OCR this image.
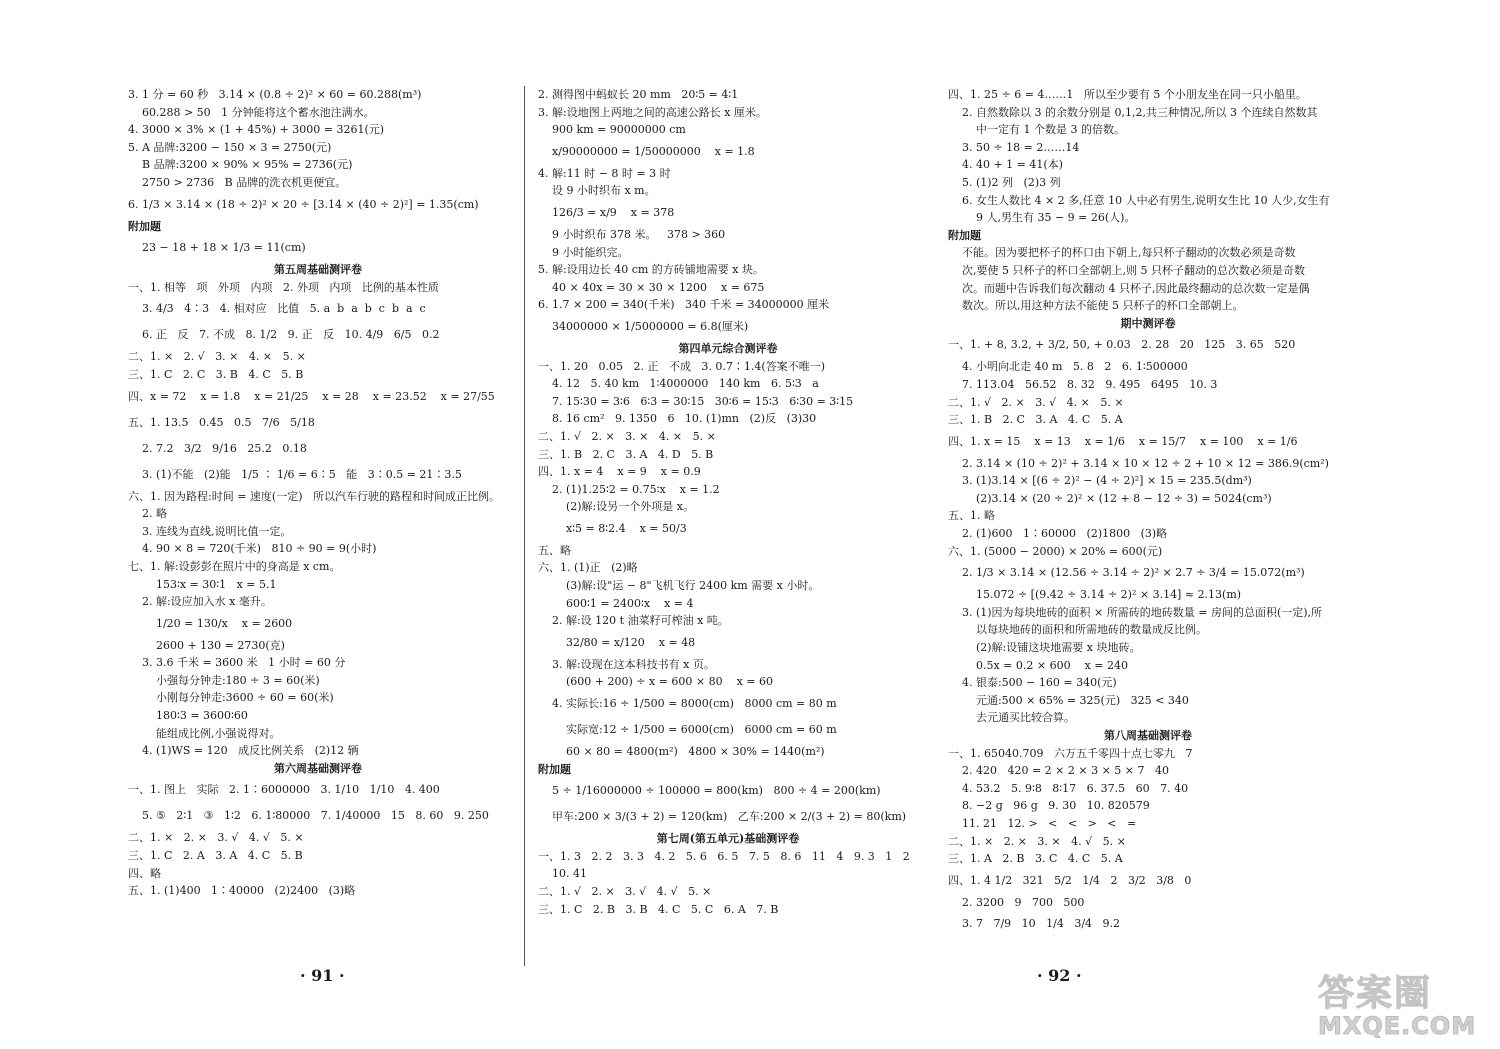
3. 1 分 = 60 秒   3.14 × (0.8 ÷ 2)² × 60 = 60.288(m³)
60.288 > 50   1 分钟能将这个蓄水池注满水。
4. 3000 × 3% × (1 + 45%) + 3000 = 3261(元)
5. A 品牌:3200 − 150 × 3 = 2750(元)
B 品牌:3200 × 90% × 95% = 2736(元)
2750 > 2736   B 品牌的洗衣机更便宜。
6. 1/3 × 3.14 × (18 ÷ 2)² × 20 ÷ [3.14 × (40 ÷ 2)²] = 1.35(cm)
附加题
23 − 18 + 18 × 1/3 = 11(cm)
第五周基础测评卷
一、1. 相等   项   外项   内项   2. 外项   内项   比例的基本性质
3. 4/3   4∶3   4. 相对应   比值   5. a  b  a  b  c  b  a  c
6. 正   反   7. 不成   8. 1/2   9. 正   反   10. 4/9   6/5   0.2
二、1. ×   2. √   3. ×   4. ×   5. ×
三、1. C   2. C   3. B   4. C   5. B
四、x = 72    x = 1.8    x = 21/25    x = 28    x = 23.52    x = 27/55
五、1. 13.5   0.45   0.5   7/6   5/18
2. 7.2   3/2   9/16   25.2   0.18
3. (1)不能   (2)能   1/5 ∶ 1/6 = 6∶5   能   3∶0.5 = 21∶3.5
六、1. 因为路程:时间 = 速度(一定)   所以汽车行驶的路程和时间成正比例。
2. 略
3. 连线为直线,说明比值一定。
4. 90 × 8 = 720(千米)   810 ÷ 90 = 9(小时)
七、1. 解:设彭彭在照片中的身高是 x cm。
153∶x = 30∶1   x = 5.1
2. 解:设应加入水 x 毫升。
1/20 = 130/x    x = 2600
2600 + 130 = 2730(克)
3. 3.6 千米 = 3600 米   1 小时 = 60 分
小强每分钟走:180 ÷ 3 = 60(米)
小刚每分钟走:3600 ÷ 60 = 60(米)
180∶3 = 3600∶60
能组成比例,小强说得对。
4. (1)WS = 120   成反比例关系   (2)12 辆
第六周基础测评卷
一、1. 图上   实际   2. 1∶6000000   3. 1/10   1/10   4. 400
5. ⑤   2∶1   ③   1∶2   6. 1∶80000   7. 1/40000   15   8. 60   9. 250
二、1. ×   2. ×   3. √   4. √   5. ×
三、1. C   2. A   3. A   4. C   5. B
四、略
五、1. (1)400   1∶40000   (2)2400   (3)略
2. 测得图中蚂蚁长 20 mm   20∶5 = 4∶1
3. 解:设地图上两地之间的高速公路长 x 厘米。
900 km = 90000000 cm
x/90000000 = 1/50000000    x = 1.8
4. 解:11 时 − 8 时 = 3 时
设 9 小时织布 x m。
126/3 = x/9    x = 378
9 小时织布 378 米。   378 > 360
9 小时能织完。
5. 解:设用边长 40 cm 的方砖铺地需要 x 块。
40 × 40x = 30 × 30 × 1200    x = 675
6. 1.7 × 200 = 340(千米)   340 千米 = 34000000 厘米
34000000 × 1/5000000 = 6.8(厘米)
第四单元综合测评卷
一、1. 20   0.05   2. 正   不成   3. 0.7∶1.4(答案不唯一)
4. 12   5. 40 km   1∶4000000   140 km   6. 5∶3   a
7. 15∶30 = 3∶6   6∶3 = 30∶15   30∶6 = 15∶3   6∶30 = 3∶15
8. 16 cm²   9. 1350   6   10. (1)mn   (2)反   (3)30
二、1. √   2. ×   3. ×   4. ×   5. ×
三、1. B   2. C   3. A   4. D   5. B
四、1. x = 4    x = 9    x = 0.9
2. (1)1.25∶2 = 0.75∶x    x = 1.2
(2)解:设另一个外项是 x。
x∶5 = 8∶2.4    x = 50/3
五、略
六、1. (1)正   (2)略
(3)解:设"运 − 8"飞机飞行 2400 km 需要 x 小时。
600∶1 = 2400∶x    x = 4
2. 解:设 120 t 油菜籽可榨油 x 吨。
32/80 = x/120    x = 48
3. 解:设现在这本科技书有 x 页。
(600 + 200) ÷ x = 600 × 80    x = 60
4. 实际长:16 ÷ 1/500 = 8000(cm)   8000 cm = 80 m
实际宽:12 ÷ 1/500 = 6000(cm)   6000 cm = 60 m
60 × 80 = 4800(m²)   4800 × 30% = 1440(m²)
附加题
5 ÷ 1/16000000 ÷ 100000 = 800(km)   800 ÷ 4 = 200(km)
甲车:200 × 3/(3 + 2) = 120(km)   乙车:200 × 2/(3 + 2) = 80(km)
第七周(第五单元)基础测评卷
一、1. 3   2. 2   3. 3   4. 2   5. 6   6. 5   7. 5   8. 6   11   4   9. 3   1   2
10. 41
二、1. √   2. ×   3. √   4. √   5. ×
三、1. C   2. B   3. B   4. C   5. C   6. A   7. B
四、1. 25 ÷ 6 = 4……1   所以至少要有 5 个小朋友坐在同一只小船里。
2. 自然数除以 3 的余数分别是 0,1,2,共三种情况,所以 3 个连续自然数其
中一定有 1 个数是 3 的倍数。
3. 50 ÷ 18 = 2……14
4. 40 + 1 = 41(本)
5. (1)2 列   (2)3 列
6. 女生人数比 4 × 2 多,任意 10 人中必有男生,说明女生比 10 人少,女生有
9 人,男生有 35 − 9 = 26(人)。
附加题
不能。因为要把杯子的杯口由下朝上,每只杯子翻动的次数必须是奇数
次,要使 5 只杯子的杯口全部朝上,则 5 只杯子翻动的总次数必须是奇数
次。而题中告诉我们每次翻动 4 只杯子,因此最终翻动的总次数一定是偶
数次。所以,用这种方法不能使 5 只杯子的杯口全部朝上。
期中测评卷
一、1. + 8, 3.2, + 3/2, 50, + 0.03   2. 28   20   125   3. 65   520
4. 小明向北走 40 m   5. 8   2   6. 1∶500000
7. 113.04   56.52   8. 32   9. 495   6495   10. 3
二、1. √   2. ×   3. √   4. ×   5. ×
三、1. B   2. C   3. A   4. C   5. A
四、1. x = 15    x = 13    x = 1/6    x = 15/7    x = 100    x = 1/6
2. 3.14 × (10 ÷ 2)² + 3.14 × 10 × 12 ÷ 2 + 10 × 12 = 386.9(cm²)
3. (1)3.14 × [(6 ÷ 2)² − (4 ÷ 2)²] × 15 = 235.5(dm³)
(2)3.14 × (20 ÷ 2)² × (12 + 8 − 12 ÷ 3) = 5024(cm³)
五、1. 略
2. (1)600   1∶60000   (2)1800   (3)略
六、1. (5000 − 2000) × 20% = 600(元)
2. 1/3 × 3.14 × (12.56 ÷ 3.14 ÷ 2)² × 2.7 ÷ 3/4 = 15.072(m³)
15.072 ÷ [(9.42 ÷ 3.14 ÷ 2)² × 3.14] ≈ 2.13(m)
3. (1)因为每块地砖的面积 × 所需砖的地砖数量 = 房间的总面积(一定),所
以每块地砖的面积和所需地砖的数量成反比例。
(2)解:设铺这块地需要 x 块地砖。
0.5x = 0.2 × 600    x = 240
4. 银泰:500 − 160 = 340(元)
元通:500 × 65% = 325(元)   325 < 340
去元通买比较合算。
第八周基础测评卷
一、1. 65040.709   六万五千零四十点七零九   7
2. 420   420 = 2 × 2 × 3 × 5 × 7   40
4. 53.2   5. 9∶8   8∶17   6. 37.5   60   7. 40
8. −2 g   96 g   9. 30   10. 820579
11. 21   12. >   <   <   >   <   =
二、1. ×   2. ×   3. ×   4. √   5. ×
三、1. A   2. B   3. C   4. C   5. A
四、1. 4 1/2   321   5/2   1/4   2   3/2   3/8   0
2. 3200   9   700   500
3. 7   7/9   10   1/4   3/4   9.2
· 91 ·	· 92 ·	答案圈
MXQE.COM
